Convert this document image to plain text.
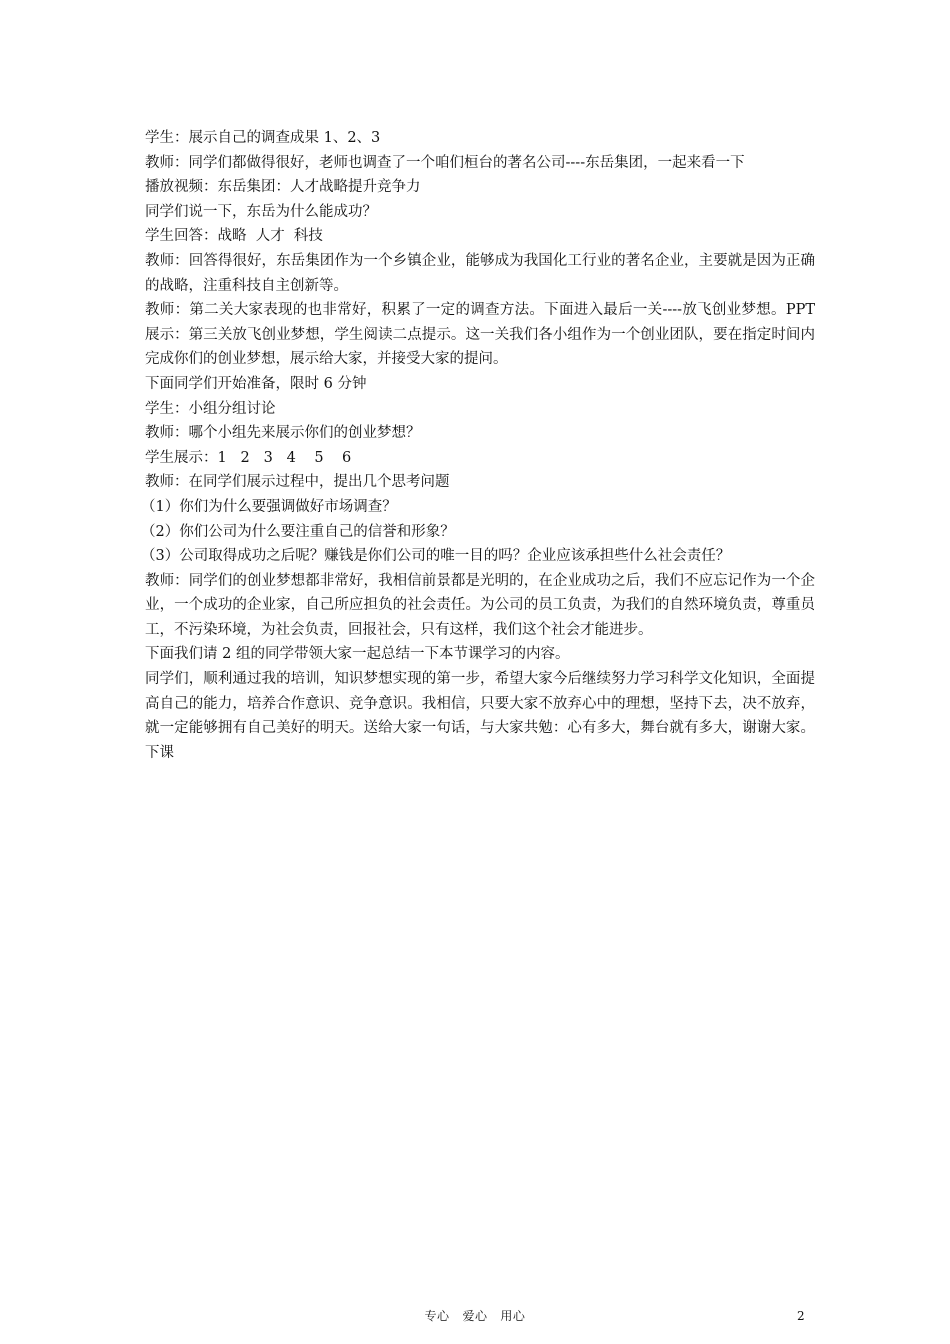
学生：展示自己的调查成果 1、2、3

教师：同学们都做得很好，老师也调查了一个咱们桓台的著名公司----东岳集团，一起来看一下

播放视频：东岳集团：人才战略提升竞争力

同学们说一下，东岳为什么能成功？

学生回答：战略  人才  科技

教师：回答得很好，东岳集团作为一个乡镇企业，能够成为我国化工行业的著名企业，主要就是因为正确的战略，注重科技自主创新等。

教师：第二关大家表现的也非常好，积累了一定的调查方法。下面进入最后一关----放飞创业梦想。PPT 展示：第三关放飞创业梦想，学生阅读二点提示。这一关我们各小组作为一个创业团队，要在指定时间内完成你们的创业梦想，展示给大家，并接受大家的提问。

下面同学们开始准备，限时 6 分钟

学生：小组分组讨论

教师：哪个小组先来展示你们的创业梦想？

学生展示：1   2   3   4    5    6

教师：在同学们展示过程中，提出几个思考问题

（1）你们为什么要强调做好市场调查？

（2）你们公司为什么要注重自己的信誉和形象？

（3）公司取得成功之后呢？赚钱是你们公司的唯一目的吗？企业应该承担些什么社会责任？

教师：同学们的创业梦想都非常好，我相信前景都是光明的，在企业成功之后，我们不应忘记作为一个企业，一个成功的企业家，自己所应担负的社会责任。为公司的员工负责，为我们的自然环境负责，尊重员工，不污染环境，为社会负责，回报社会，只有这样，我们这个社会才能进步。

下面我们请 2 组的同学带领大家一起总结一下本节课学习的内容。

同学们，顺利通过我的培训，知识梦想实现的第一步，希望大家今后继续努力学习科学文化知识，全面提高自己的能力，培养合作意识、竞争意识。我相信，只要大家不放弃心中的理想，坚持下去，决不放弃，就一定能够拥有自己美好的明天。送给大家一句话，与大家共勉：心有多大，舞台就有多大，谢谢大家。下课

专心   爱心   用心	2
